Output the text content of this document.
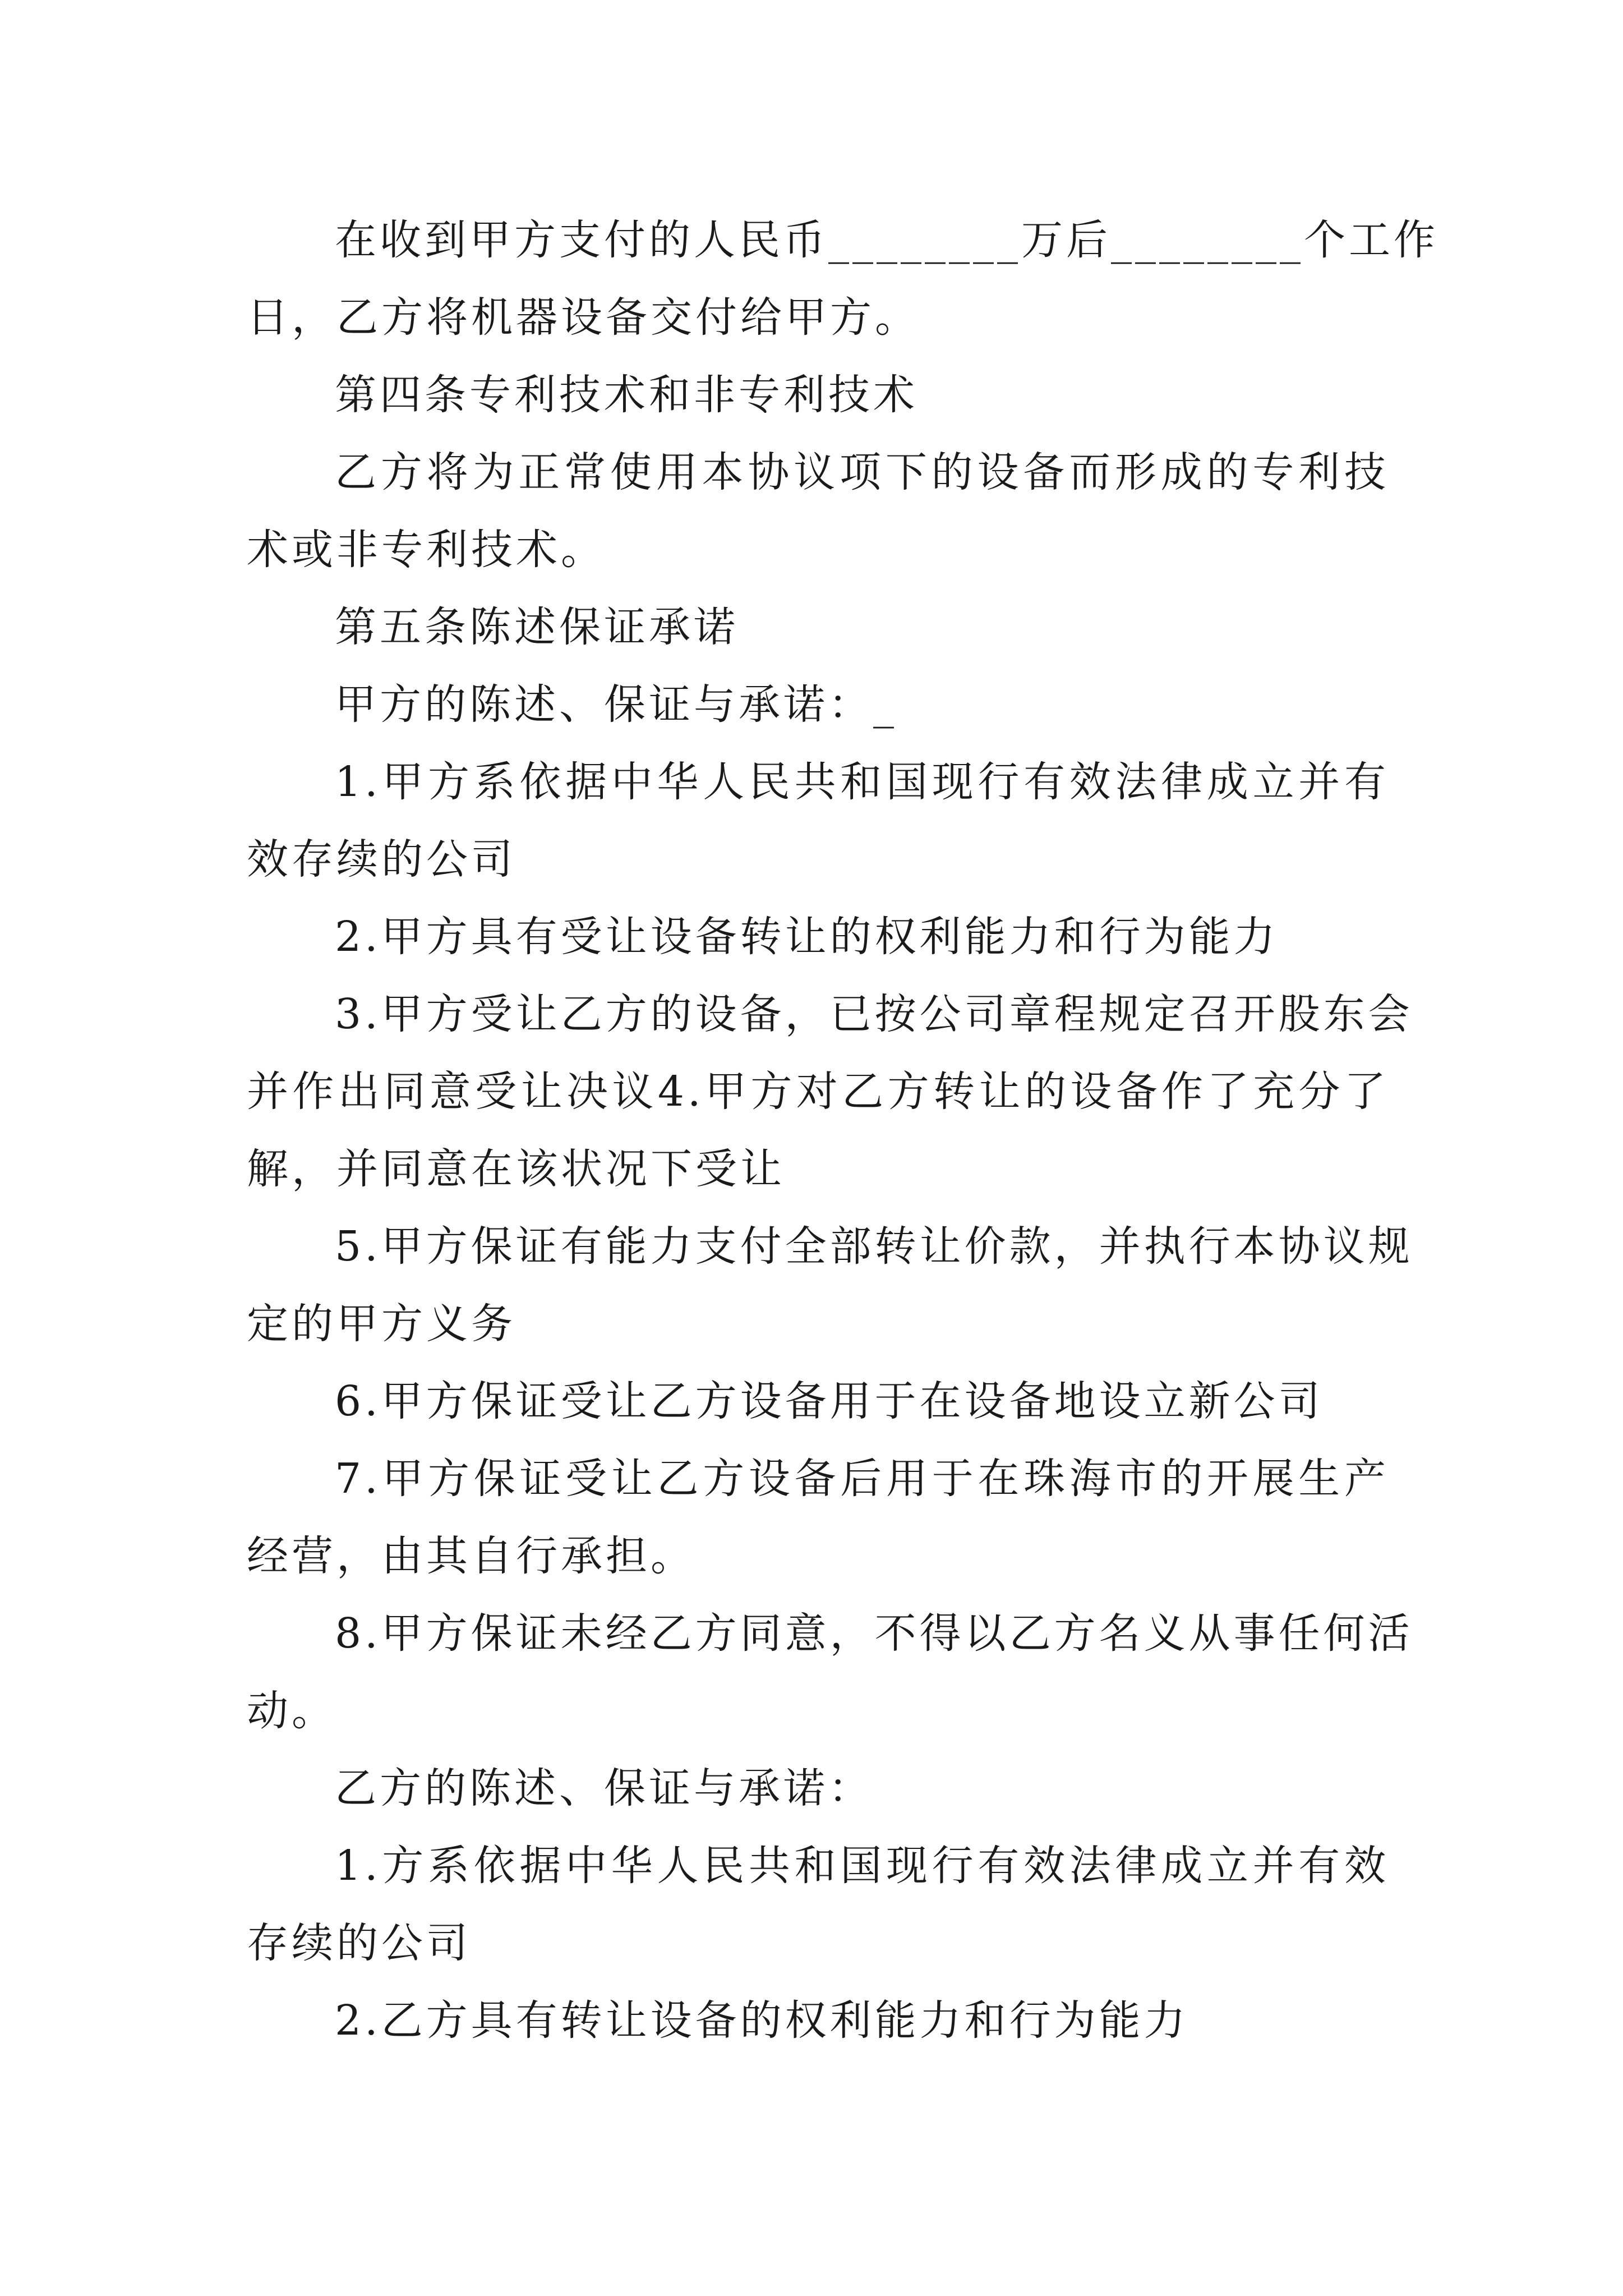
在收到甲方支付的人民币________万后________个工作

日，乙方将机器设备交付给甲方。

第四条专利技术和非专利技术

乙方将为正常使用本协议项下的设备而形成的专利技

术或非专利技术。

第五条陈述保证承诺

甲方的陈述、保证与承诺：_

1.甲方系依据中华人民共和国现行有效法律成立并有

效存续的公司

2.甲方具有受让设备转让的权利能力和行为能力

3.甲方受让乙方的设备，已按公司章程规定召开股东会

并作出同意受让决议4.甲方对乙方转让的设备作了充分了

解，并同意在该状况下受让

5.甲方保证有能力支付全部转让价款，并执行本协议规

定的甲方义务

6.甲方保证受让乙方设备用于在设备地设立新公司

7.甲方保证受让乙方设备后用于在珠海市的开展生产

经营，由其自行承担。

8.甲方保证未经乙方同意，不得以乙方名义从事任何活

动。

乙方的陈述、保证与承诺：

1.方系依据中华人民共和国现行有效法律成立并有效

存续的公司

2.乙方具有转让设备的权利能力和行为能力
